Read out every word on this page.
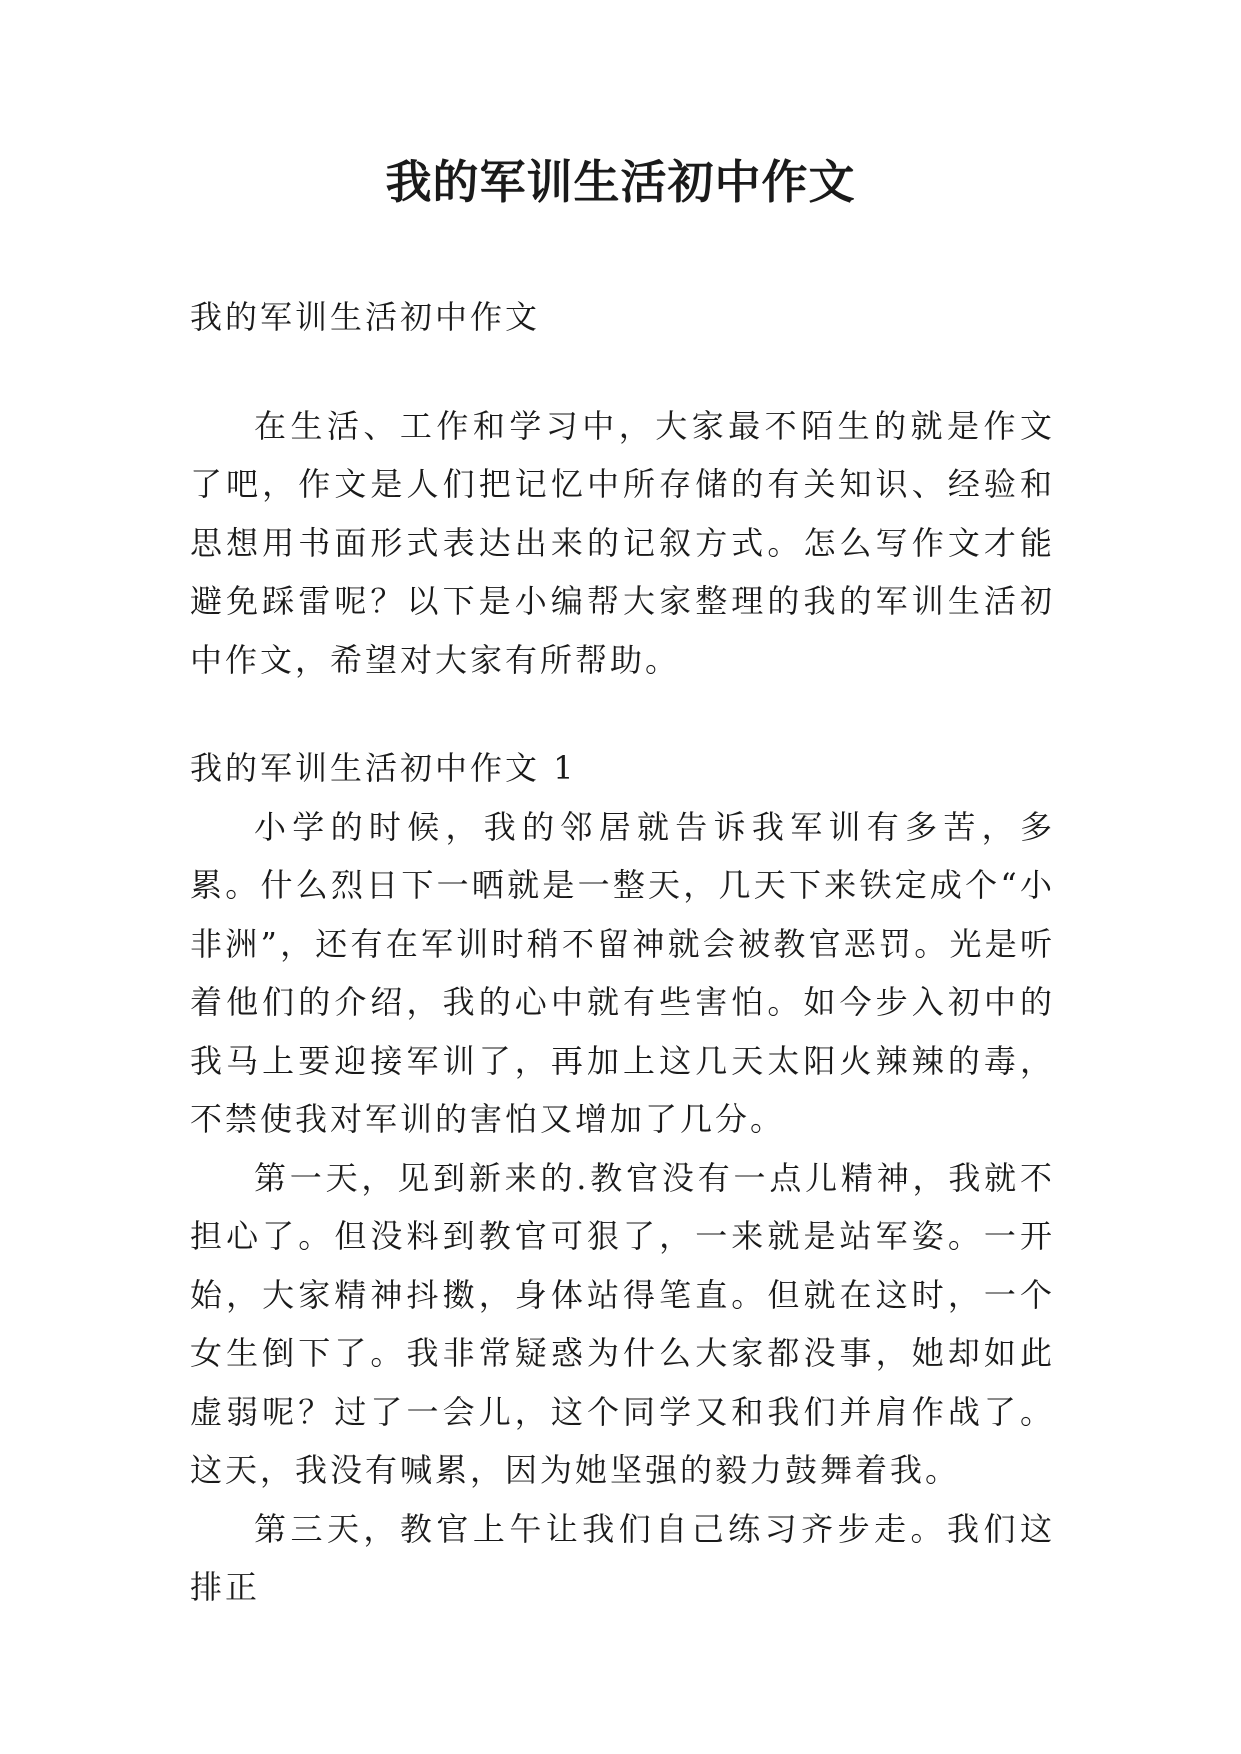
我的军训生活初中作文

我的军训生活初中作文

在生活、工作和学习中，大家最不陌生的就是作文了吧，作文是人们把记忆中所存储的有关知识、经验和思想用书面形式表达出来的记叙方式。怎么写作文才能避免踩雷呢？以下是小编帮大家整理的我的军训生活初中作文，希望对大家有所帮助。

我的军训生活初中作文 1

小学的时候，我的邻居就告诉我军训有多苦，多累。什么烈日下一晒就是一整天，几天下来铁定成个“小非洲”，还有在军训时稍不留神就会被教官恶罚。光是听着他们的介绍，我的心中就有些害怕。如今步入初中的我马上要迎接军训了，再加上这几天太阳火辣辣的毒，不禁使我对军训的害怕又增加了几分。

第一天，见到新来的.教官没有一点儿精神，我就不担心了。但没料到教官可狠了，一来就是站军姿。一开始，大家精神抖擞，身体站得笔直。但就在这时，一个女生倒下了。我非常疑惑为什么大家都没事，她却如此虚弱呢？过了一会儿，这个同学又和我们并肩作战了。这天，我没有喊累，因为她坚强的毅力鼓舞着我。

第三天，教官上午让我们自己练习齐步走。我们这排正
